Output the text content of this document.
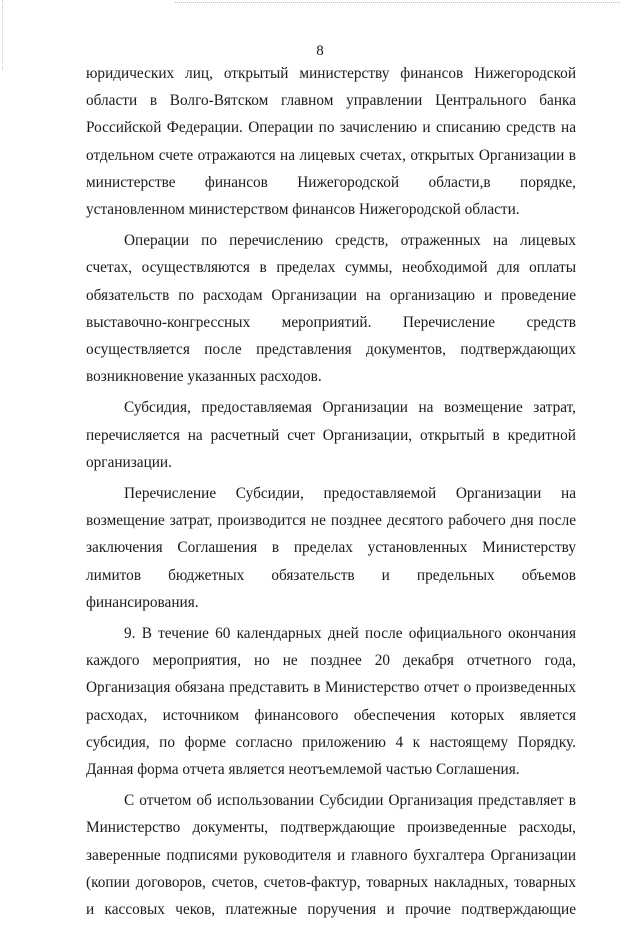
8

юридических лиц, открытый министерству финансов Нижегородской области в Волго-Вятском главном управлении Центрального банка Российской Федерации. Операции по зачислению и списанию средств на отдельном счете отражаются на лицевых счетах, открытых Организации в министерстве финансов Нижегородской области,в порядке, установленном министерством финансов Нижегородской области.

Операции по перечислению средств, отраженных на лицевых счетах, осуществляются в пределах суммы, необходимой для оплаты обязательств по расходам Организации на организацию и проведение выставочно-конгрессных мероприятий. Перечисление средств осуществляется после представления документов, подтверждающих возникновение указанных расходов.

Субсидия, предоставляемая Организации на возмещение затрат, перечисляется на расчетный счет Организации, открытый в кредитной организации.

Перечисление Субсидии, предоставляемой Организации на возмещение затрат, производится не позднее десятого рабочего дня после заключения Соглашения в пределах установленных Министерству лимитов бюджетных обязательств и предельных объемов финансирования.

9. В течение 60 календарных дней после официального окончания каждого мероприятия, но не позднее 20 декабря отчетного года, Организация обязана представить в Министерство отчет о произведенных расходах, источником финансового обеспечения которых является субсидия, по форме согласно приложению 4 к настоящему Порядку. Данная форма отчета является неотъемлемой частью Соглашения.

С отчетом об использовании Субсидии Организация представляет в Министерство документы, подтверждающие произведенные расходы, заверенные подписями руководителя и главного бухгалтера Организации (копии договоров, счетов, счетов-фактур, товарных накладных, товарных и кассовых чеков, платежные поручения и прочие подтверждающие
